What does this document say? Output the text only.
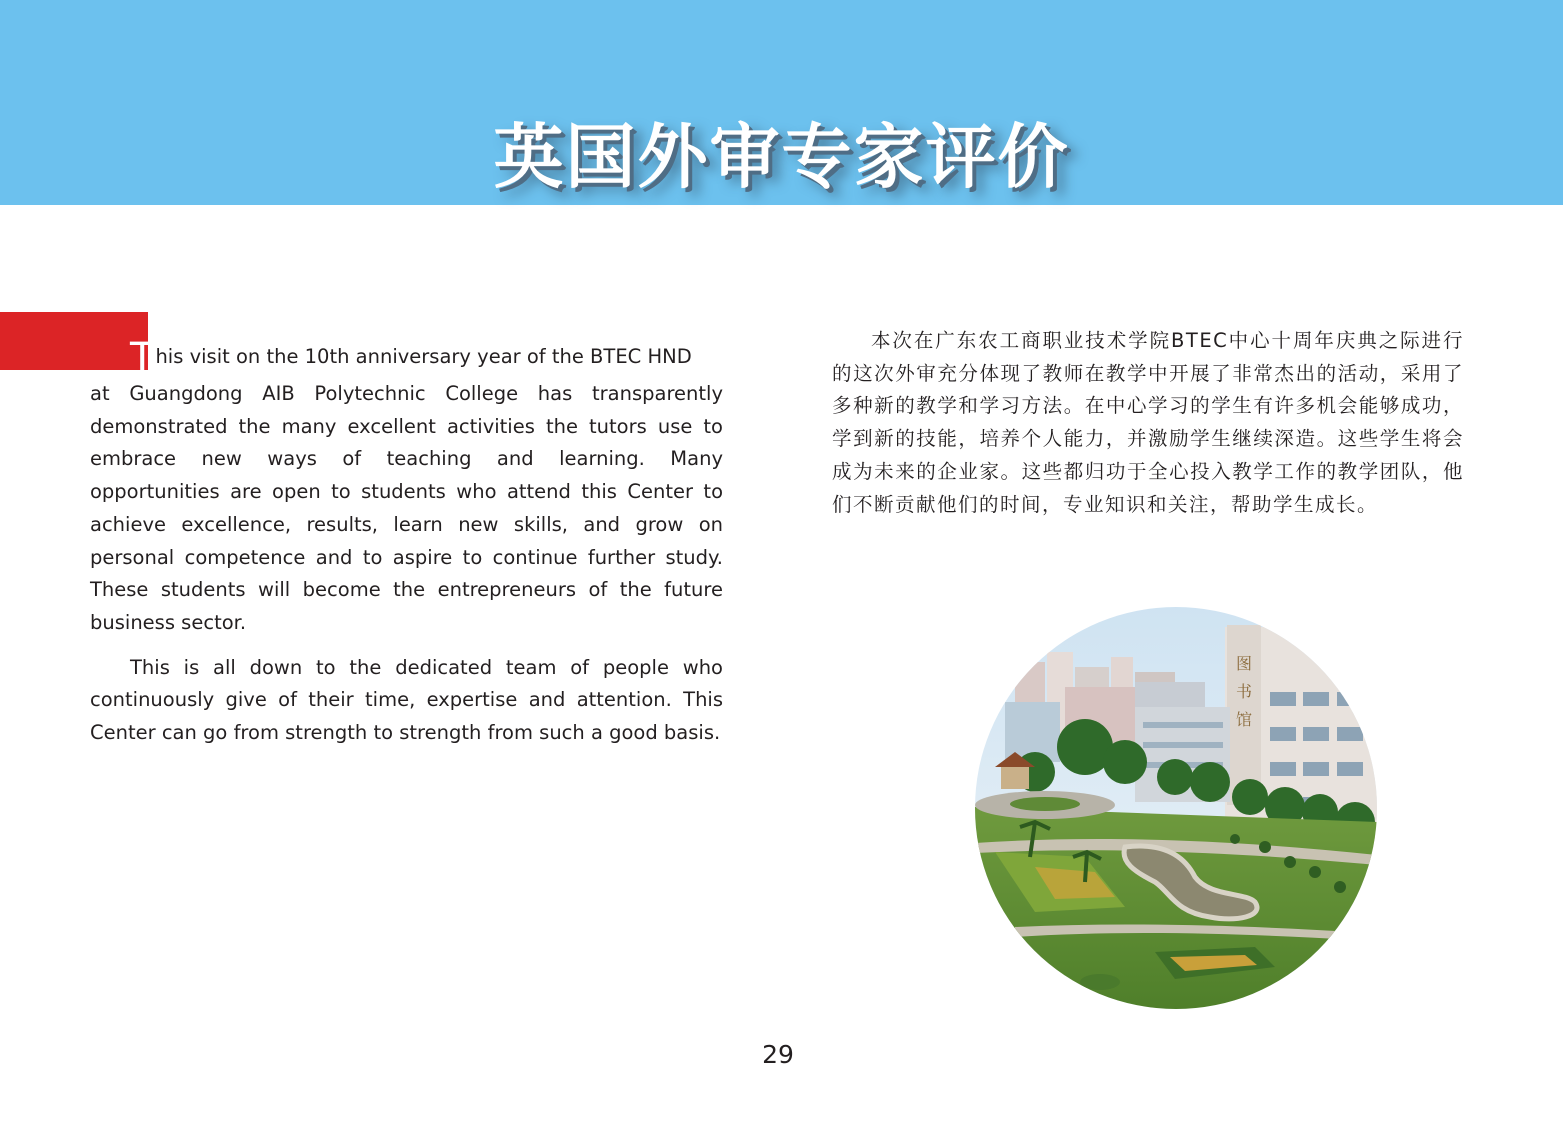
英国外审专家评价

This visit on the 10th anniversary year of the BTEC HND
at Guangdong AIB Polytechnic College has transparently demonstrated the many excellent activities the tutors use to embrace new ways of teaching and learning. Many opportunities are open to students who attend this Center to achieve excellence, results, learn new skills, and grow on personal competence and to aspire to continue further study. These students will become the entrepreneurs of the future business sector.

This is all down to the dedicated team of people who continuously give of their time, expertise and attention. This Center can go from strength to strength from such a good basis.

本次在广东农工商职业技术学院BTEC中心十周年庆典之际进行的这次外审充分体现了教师在教学中开展了非常杰出的活动，采用了多种新的教学和学习方法。在中心学习的学生有许多机会能够成功，学到新的技能，培养个人能力，并激励学生继续深造。这些学生将会成为未来的企业家。这些都归功于全心投入教学工作的教学团队，他们不断贡献他们的时间，专业知识和关注，帮助学生成长。

图
书
馆
29
